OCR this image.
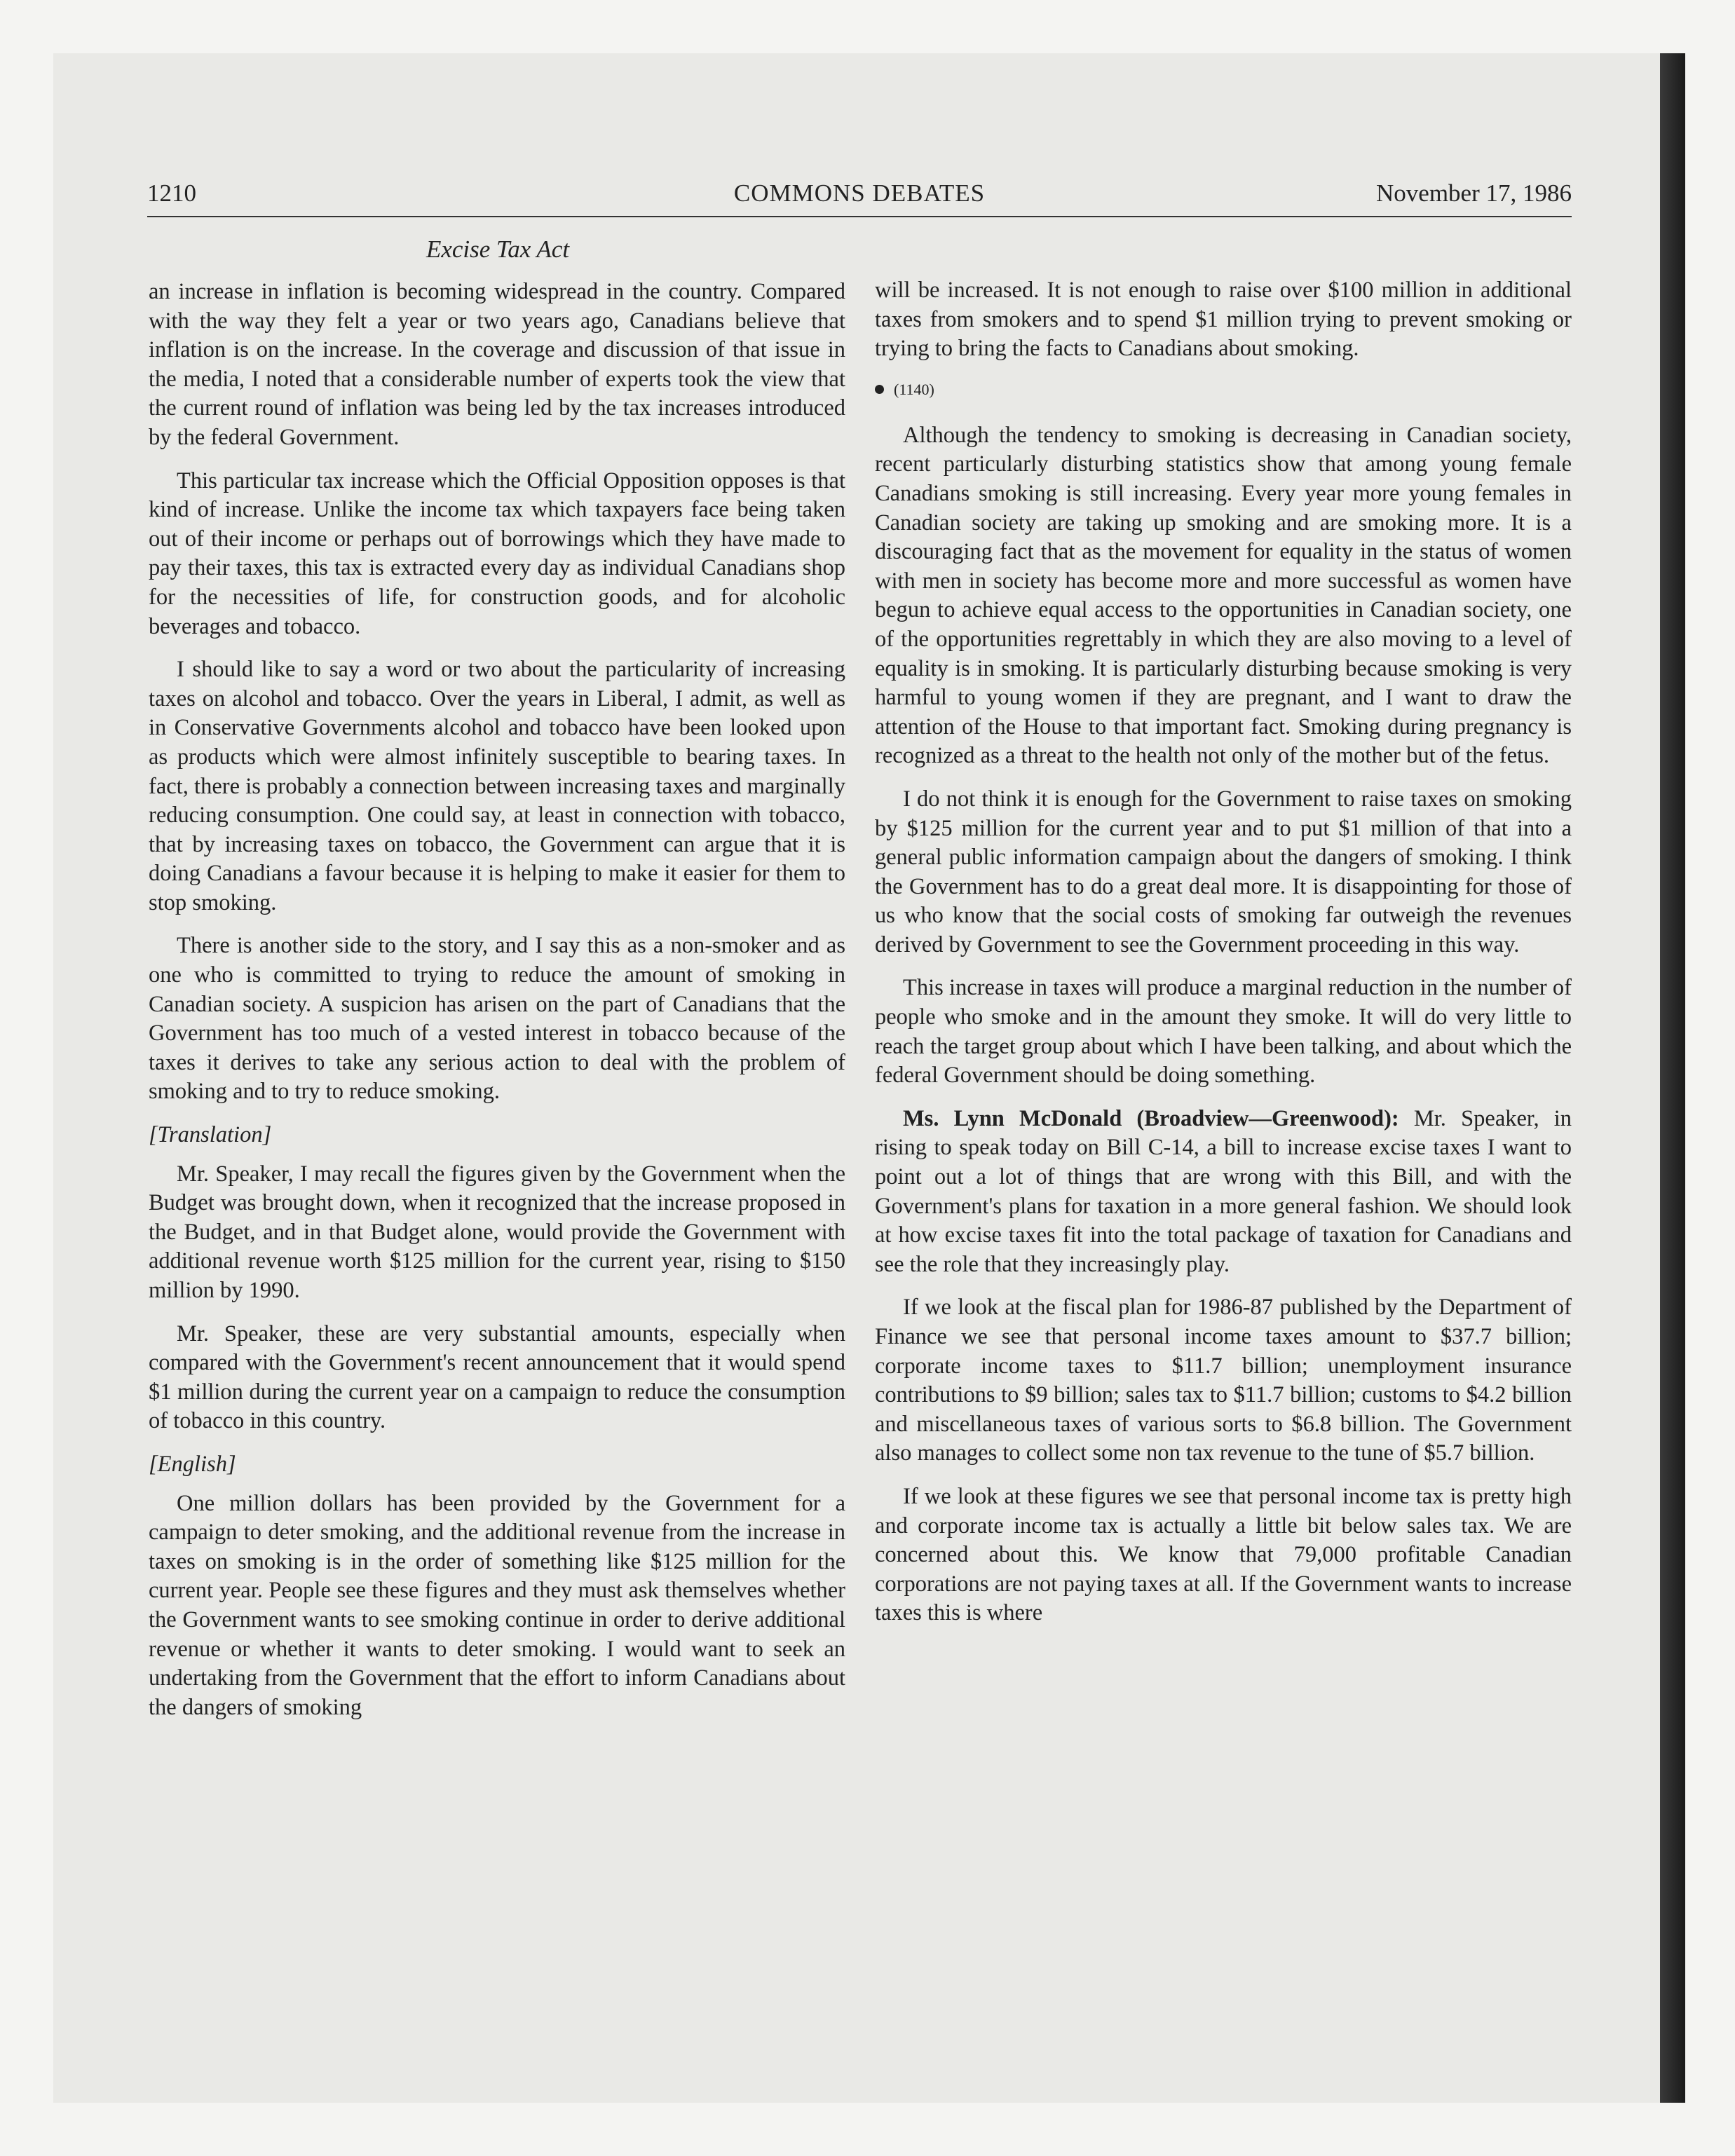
1210	COMMONS DEBATES	November 17, 1986
Excise Tax Act

an increase in inflation is becoming widespread in the country. Compared with the way they felt a year or two years ago, Canadians believe that inflation is on the increase. In the coverage and discussion of that issue in the media, I noted that a considerable number of experts took the view that the current round of inflation was being led by the tax increases introduced by the federal Government.

This particular tax increase which the Official Opposition opposes is that kind of increase. Unlike the income tax which taxpayers face being taken out of their income or perhaps out of borrowings which they have made to pay their taxes, this tax is extracted every day as individual Canadians shop for the necessities of life, for construction goods, and for alcoholic beverages and tobacco.

I should like to say a word or two about the particularity of increasing taxes on alcohol and tobacco. Over the years in Liberal, I admit, as well as in Conservative Governments alcohol and tobacco have been looked upon as products which were almost infinitely susceptible to bearing taxes. In fact, there is probably a connection between increasing taxes and marginally reducing consumption. One could say, at least in connection with tobacco, that by increasing taxes on tobacco, the Government can argue that it is doing Canadians a favour because it is helping to make it easier for them to stop smoking.

There is another side to the story, and I say this as a non-smoker and as one who is committed to trying to reduce the amount of smoking in Canadian society. A suspicion has arisen on the part of Canadians that the Government has too much of a vested interest in tobacco because of the taxes it derives to take any serious action to deal with the problem of smoking and to try to reduce smoking.

[Translation]

Mr. Speaker, I may recall the figures given by the Government when the Budget was brought down, when it recognized that the increase proposed in the Budget, and in that Budget alone, would provide the Government with additional revenue worth $125 million for the current year, rising to $150 million by 1990.

Mr. Speaker, these are very substantial amounts, especially when compared with the Government's recent announcement that it would spend $1 million during the current year on a campaign to reduce the consumption of tobacco in this country.

[English]

One million dollars has been provided by the Government for a campaign to deter smoking, and the additional revenue from the increase in taxes on smoking is in the order of something like $125 million for the current year. People see these figures and they must ask themselves whether the Government wants to see smoking continue in order to derive additional revenue or whether it wants to deter smoking. I would want to seek an undertaking from the Government that the effort to inform Canadians about the dangers of smoking

will be increased. It is not enough to raise over $100 million in additional taxes from smokers and to spend $1 million trying to prevent smoking or trying to bring the facts to Canadians about smoking.

(1140)

Although the tendency to smoking is decreasing in Canadian society, recent particularly disturbing statistics show that among young female Canadians smoking is still increasing. Every year more young females in Canadian society are taking up smoking and are smoking more. It is a discouraging fact that as the movement for equality in the status of women with men in society has become more and more successful as women have begun to achieve equal access to the opportunities in Canadian society, one of the opportunities regrettably in which they are also moving to a level of equality is in smoking. It is particularly disturbing because smoking is very harmful to young women if they are pregnant, and I want to draw the attention of the House to that important fact. Smoking during pregnancy is recognized as a threat to the health not only of the mother but of the fetus.

I do not think it is enough for the Government to raise taxes on smoking by $125 million for the current year and to put $1 million of that into a general public information campaign about the dangers of smoking. I think the Government has to do a great deal more. It is disappointing for those of us who know that the social costs of smoking far outweigh the revenues derived by Government to see the Government proceeding in this way.

This increase in taxes will produce a marginal reduction in the number of people who smoke and in the amount they smoke. It will do very little to reach the target group about which I have been talking, and about which the federal Government should be doing something.

Ms. Lynn McDonald (Broadview—Greenwood): Mr. Speaker, in rising to speak today on Bill C-14, a bill to increase excise taxes I want to point out a lot of things that are wrong with this Bill, and with the Government's plans for taxation in a more general fashion. We should look at how excise taxes fit into the total package of taxation for Canadians and see the role that they increasingly play.

If we look at the fiscal plan for 1986-87 published by the Department of Finance we see that personal income taxes amount to $37.7 billion; corporate income taxes to $11.7 billion; unemployment insurance contributions to $9 billion; sales tax to $11.7 billion; customs to $4.2 billion and miscellaneous taxes of various sorts to $6.8 billion. The Government also manages to collect some non tax revenue to the tune of $5.7 billion.

If we look at these figures we see that personal income tax is pretty high and corporate income tax is actually a little bit below sales tax. We are concerned about this. We know that 79,000 profitable Canadian corporations are not paying taxes at all. If the Government wants to increase taxes this is where
